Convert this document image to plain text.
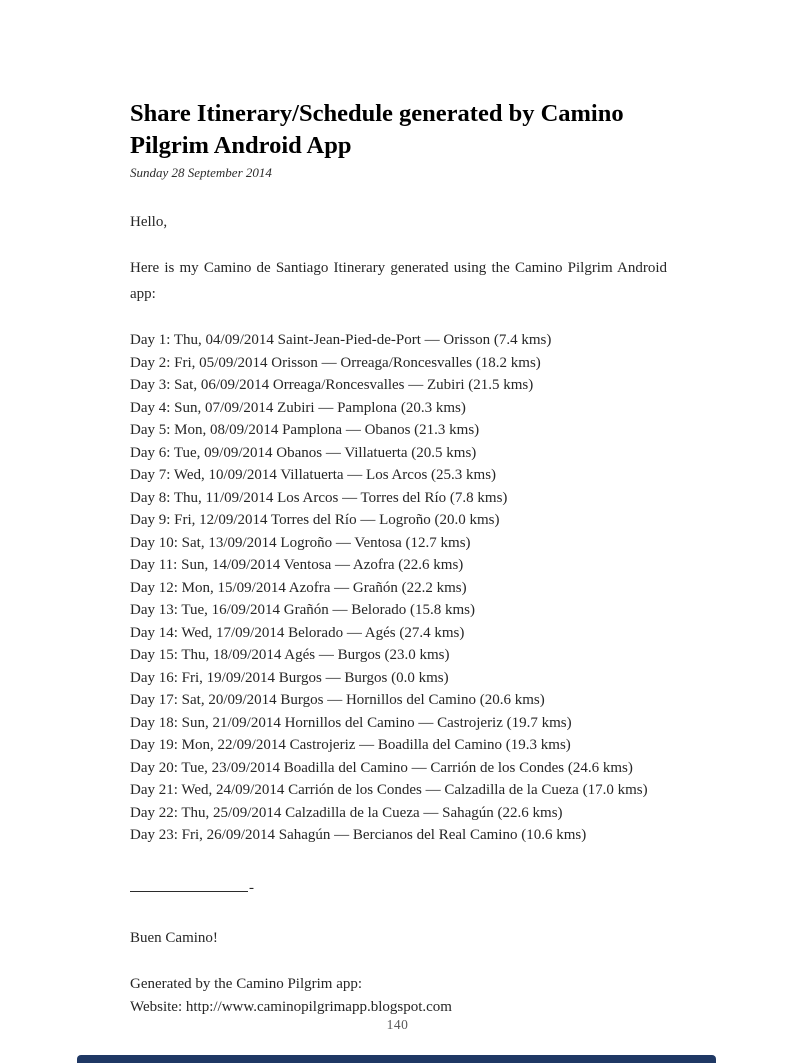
Share Itinerary/Schedule generated by Camino Pilgrim Android App
Sunday 28 September 2014

Hello,

Here is my Camino de Santiago Itinerary generated using the Camino Pilgrim Android app:

Day 1: Thu, 04/09/2014 Saint-Jean-Pied-de-Port — Orisson (7.4 kms)
Day 2: Fri, 05/09/2014 Orisson — Orreaga/Roncesvalles (18.2 kms)
Day 3: Sat, 06/09/2014 Orreaga/Roncesvalles — Zubiri (21.5 kms)
Day 4: Sun, 07/09/2014 Zubiri — Pamplona (20.3 kms)
Day 5: Mon, 08/09/2014 Pamplona — Obanos (21.3 kms)
Day 6: Tue, 09/09/2014 Obanos — Villatuerta (20.5 kms)
Day 7: Wed, 10/09/2014 Villatuerta — Los Arcos (25.3 kms)
Day 8: Thu, 11/09/2014 Los Arcos — Torres del Río (7.8 kms)
Day 9: Fri, 12/09/2014 Torres del Río — Logroño (20.0 kms)
Day 10: Sat, 13/09/2014 Logroño — Ventosa (12.7 kms)
Day 11: Sun, 14/09/2014 Ventosa — Azofra (22.6 kms)
Day 12: Mon, 15/09/2014 Azofra — Grañón (22.2 kms)
Day 13: Tue, 16/09/2014 Grañón — Belorado (15.8 kms)
Day 14: Wed, 17/09/2014 Belorado — Agés (27.4 kms)
Day 15: Thu, 18/09/2014 Agés — Burgos (23.0 kms)
Day 16: Fri, 19/09/2014 Burgos — Burgos (0.0 kms)
Day 17: Sat, 20/09/2014 Burgos — Hornillos del Camino (20.6 kms)
Day 18: Sun, 21/09/2014 Hornillos del Camino — Castrojeriz (19.7 kms)
Day 19: Mon, 22/09/2014 Castrojeriz — Boadilla del Camino (19.3 kms)
Day 20: Tue, 23/09/2014 Boadilla del Camino — Carrión de los Condes (24.6 kms)
Day 21: Wed, 24/09/2014 Carrión de los Condes — Calzadilla de la Cueza (17.0 kms)
Day 22: Thu, 25/09/2014 Calzadilla de la Cueza — Sahagún (22.6 kms)
Day 23: Fri, 26/09/2014 Sahagún — Bercianos del Real Camino (10.6 kms)
-

Buen Camino!

Generated by the Camino Pilgrim app:

Website: http://www.caminopilgrimapp.blogspot.com

140
